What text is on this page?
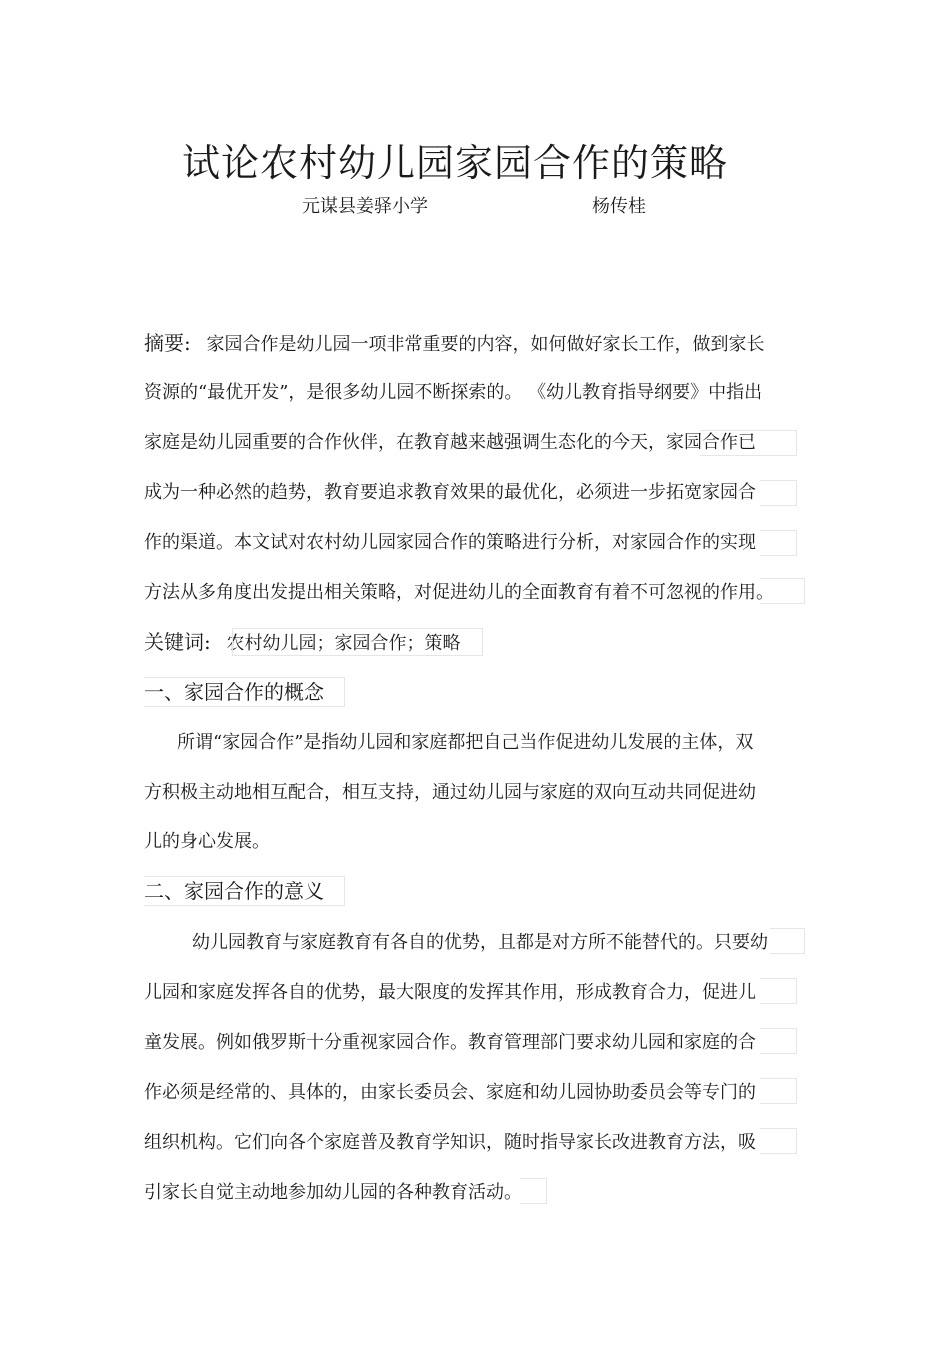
试论农村幼儿园家园合作的策略
元谋县姜驿小学	杨传桂
摘要: 家园合作是幼儿园一项非常重要的内容，如何做好家长工作，做到家长
资源的“最优开发”，是很多幼儿园不断探索的。 《幼儿教育指导纲要》中指出
家庭是幼儿园重要的合作伙伴，在教育越来越强调生态化的今天，家园合作已
成为一种必然的趋势，教育要追求教育效果的最优化，必须进一步拓宽家园合
作的渠道。本文试对农村幼儿园家园合作的策略进行分析，对家园合作的实现
方法从多角度出发提出相关策略，对促进幼儿的全面教育有着不可忽视的作用。
关键词: 农村幼儿园；家园合作；策略
一、家园合作的概念
所谓“家园合作”是指幼儿园和家庭都把自己当作促进幼儿发展的主体，双
方积极主动地相互配合，相互支持，通过幼儿园与家庭的双向互动共同促进幼
儿的身心发展。
二、家园合作的意义
幼儿园教育与家庭教育有各自的优势，且都是对方所不能替代的。只要幼
儿园和家庭发挥各自的优势，最大限度的发挥其作用，形成教育合力，促进儿
童发展。例如俄罗斯十分重视家园合作。教育管理部门要求幼儿园和家庭的合
作必须是经常的、具体的，由家长委员会、家庭和幼儿园协助委员会等专门的
组织机构。它们向各个家庭普及教育学知识，随时指导家长改进教育方法，吸
引家长自觉主动地参加幼儿园的各种教育活动。
